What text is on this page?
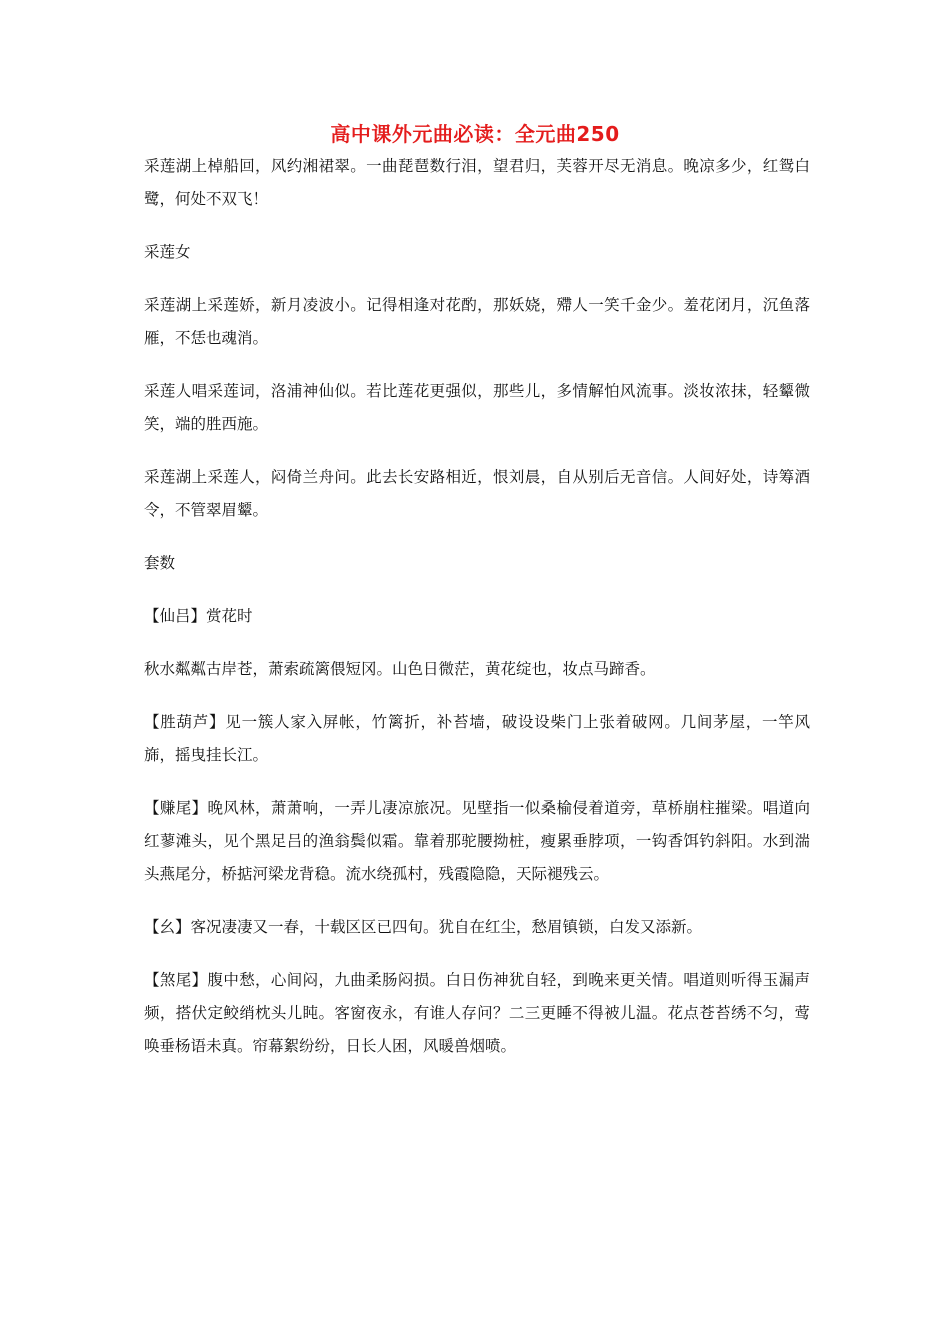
高中课外元曲必读：全元曲250

采莲湖上棹船回，风约湘裙翠。一曲琵琶数行泪，望君归，芙蓉开尽无消息。晚凉多少，红鸳白鹭，何处不双飞！

采莲女

采莲湖上采莲娇，新月凌波小。记得相逢对花酌，那妖娆，殢人一笑千金少。羞花闭月，沉鱼落雁，不恁也魂消。

采莲人唱采莲词，洛浦神仙似。若比莲花更强似，那些儿，多情解怕风流事。淡妆浓抹，轻颦微笑，端的胜西施。

采莲湖上采莲人，闷倚兰舟问。此去长安路相近，恨刘晨，自从别后无音信。人间好处，诗筹酒令，不管翠眉颦。

套数

【仙吕】赏花时

秋水粼粼古岸苍，萧索疏篱偎短冈。山色日微茫，黄花绽也，妆点马蹄香。

【胜葫芦】见一簇人家入屏帐，竹篱折，补苔墙，破设设柴门上张着破网。几间茅屋，一竿风旆，摇曳挂长江。

【赚尾】晚风林，萧萧响，一弄儿凄凉旅况。见壁指一似桑榆侵着道旁，草桥崩柱摧梁。唱道向红蓼滩头，见个黑足吕的渔翁鬓似霜。靠着那驼腰拗桩，瘦累垂脖项，一钩香饵钓斜阳。水到湍头燕尾分，桥掂河梁龙背稳。流水绕孤村，残霞隐隐，天际褪残云。

【幺】客况凄凄又一春，十载区区已四旬。犹自在红尘，愁眉镇锁，白发又添新。

【煞尾】腹中愁，心间闷，九曲柔肠闷损。白日伤神犹自轻，到晚来更关情。唱道则听得玉漏声频，搭伏定鲛绡枕头儿盹。客窗夜永，有谁人存问？二三更睡不得被儿温。花点苍苔绣不匀，莺唤垂杨语未真。帘幕絮纷纷，日长人困，风暖兽烟喷。
